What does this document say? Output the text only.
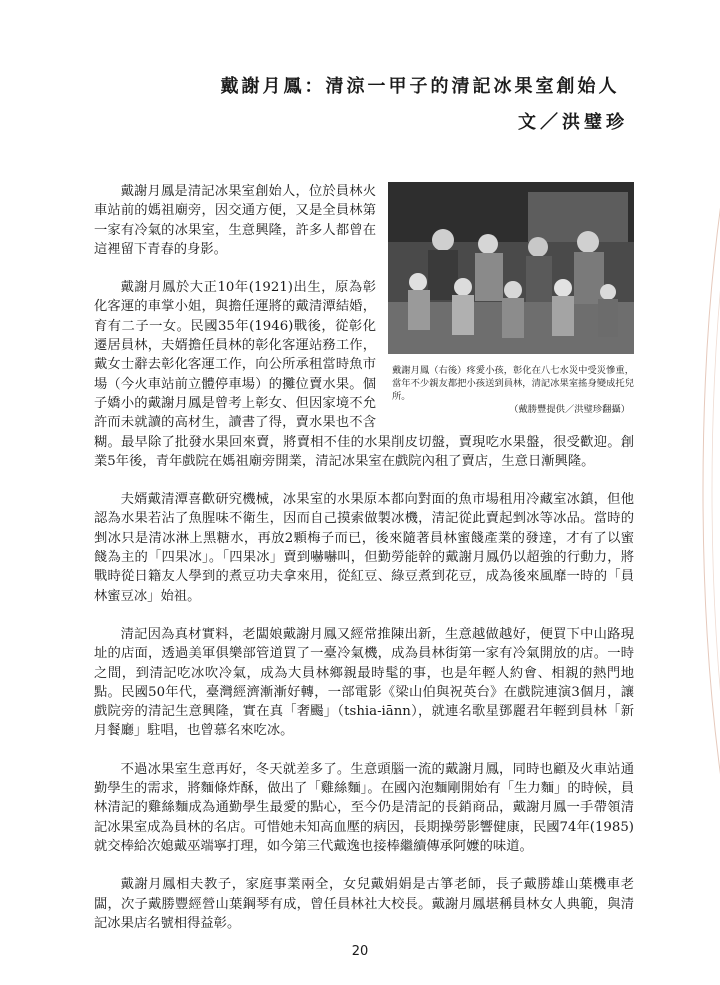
戴謝月鳳：清涼一甲子的清記冰果室創始人
文／洪璧珍
戴謝月鳳（右後）疼愛小孩，彰化在八七水災中受災慘重，當年不少親友都把小孩送到員林，清記冰果室搖身變成托兒所。
（戴勝豐提供／洪璧珍翻攝）

戴謝月鳳是清記冰果室創始人，位於員林火車站前的媽祖廟旁，因交通方便，又是全員林第一家有冷氣的冰果室，生意興隆，許多人都曾在這裡留下青春的身影。

戴謝月鳳於大正10年(1921)出生，原為彰化客運的車掌小姐，與擔任運將的戴清潭結婚，育有二子一女。民國35年(1946)戰後，從彰化遷居員林，夫婿擔任員林的彰化客運站務工作，戴女士辭去彰化客運工作，向公所承租當時魚市場（今火車站前立體停車場）的攤位賣水果。個子嬌小的戴謝月鳳是曾考上彰女、但因家境不允許而未就讀的高材生，讀書了得，賣水果也不含糊。最早除了批發水果回來賣，將賣相不佳的水果削皮切盤，賣現吃水果盤，很受歡迎。創業5年後，青年戲院在媽祖廟旁開業，清記冰果室在戲院內租了賣店，生意日漸興隆。

夫婿戴清潭喜歡研究機械，冰果室的水果原本都向對面的魚市場租用冷藏室冰鎮，但他認為水果若沾了魚腥味不衛生，因而自己摸索做製冰機，清記從此賣起剉冰等冰品。當時的剉冰只是清冰淋上黑糖水，再放2顆梅子而已，後來隨著員林蜜餞產業的發達，才有了以蜜餞為主的「四果冰」。「四果冰」賣到嚇嚇叫，但勤勞能幹的戴謝月鳳仍以超強的行動力，將戰時從日籍友人學到的煮豆功夫拿來用，從紅豆、綠豆煮到花豆，成為後來風靡一時的「員林蜜豆冰」始祖。

清記因為真材實料，老闆娘戴謝月鳳又經常推陳出新，生意越做越好，便買下中山路現址的店面，透過美軍俱樂部管道買了一臺冷氣機，成為員林街第一家有冷氣開放的店。一時之間，到清記吃冰吹冷氣，成為大員林鄉親最時髦的事，也是年輕人約會、相親的熱門地點。民國50年代，臺灣經濟漸漸好轉，一部電影《梁山伯與祝英台》在戲院連演3個月，讓戲院旁的清記生意興隆，實在真「奢颺」（tshia-iānn），就連名歌星鄧麗君年輕到員林「新月餐廳」駐唱，也曾慕名來吃冰。

不過冰果室生意再好，冬天就差多了。生意頭腦一流的戴謝月鳳，同時也顧及火車站通勤學生的需求，將麵條炸酥，做出了「雞絲麵」。在國內泡麵剛開始有「生力麵」的時候，員林清記的雞絲麵成為通勤學生最愛的點心，至今仍是清記的長銷商品，戴謝月鳳一手帶領清記冰果室成為員林的名店。可惜她未知高血壓的病因，長期操勞影響健康，民國74年(1985)就交棒給次媳戴巫端寧打理，如今第三代戴逸也接棒繼續傳承阿嬤的味道。

戴謝月鳳相夫教子，家庭事業兩全，女兒戴娟娟是古箏老師，長子戴勝雄山葉機車老闆，次子戴勝豐經營山葉鋼琴有成，曾任員林社大校長。戴謝月鳳堪稱員林女人典範，與清記冰果店名號相得益彰。

20
